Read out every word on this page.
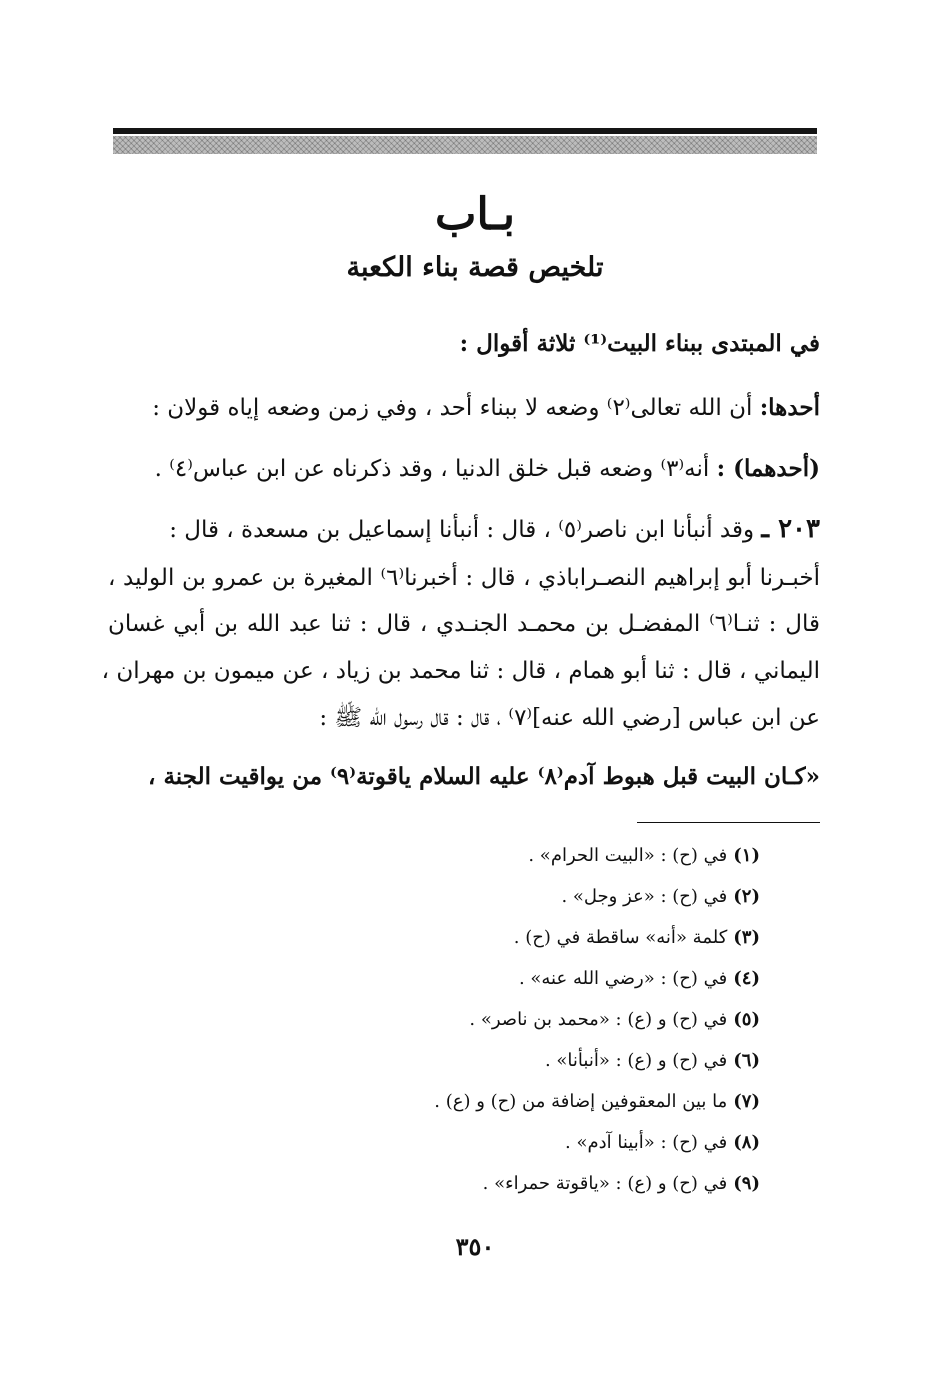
بـاب
تلخيص قصة بناء الكعبة
في المبتدى ببناء البيت⁽¹⁾ ثلاثة أقوال :
أحدها: أن الله تعالى⁽٢⁾ وضعه لا ببناء أحد ، وفي زمن وضعه إياه قولان :
(أحدهما) : أنه⁽٣⁾ وضعه قبل خلق الدنيا ، وقد ذكرناه عن ابن عباس⁽٤⁾ .
٢٠٣ ـ وقد أنبأنا ابن ناصر⁽٥⁾ ، قال : أنبأنا إسماعيل بن مسعدة ، قال :
أخبـرنا أبو إبراهيم النصـراباذي ، قال : أخبرنا⁽٦⁾ المغيرة بن عمرو بن الوليد ،
قال : ثنـا⁽٦⁾ المفضـل بن محمـد الجنـدي ، قال : ثنا عبد الله بن أبي غسان
اليماني ، قال : ثنا أبو همام ، قال : ثنا محمد بن زياد ، عن ميمون بن مهران ،
عن ابن عباس [رضي الله عنه]⁽٧⁾ ، قال : قال رسول الله ﷺ :
«كـان البيت قبل هبوط آدم⁽٨⁾ عليه السلام ياقوتة⁽٩⁾ من يواقيت الجنة ،
(١)في (ح) : «البيت الحرام» .
(٢)في (ح) : «عز وجل» .
(٣)كلمة «أنه» ساقطة في (ح) .
(٤)في (ح) : «رضي الله عنه» .
(٥)في (ح) و (ع) : «محمد بن ناصر» .
(٦)في (ح) و (ع) : «أنبأنا» .
(٧)ما بين المعقوفين إضافة من (ح) و (ع) .
(٨)في (ح) : «أبينا آدم» .
(٩)في (ح) و (ع) : «ياقوتة حمراء» .
٣٥٠
